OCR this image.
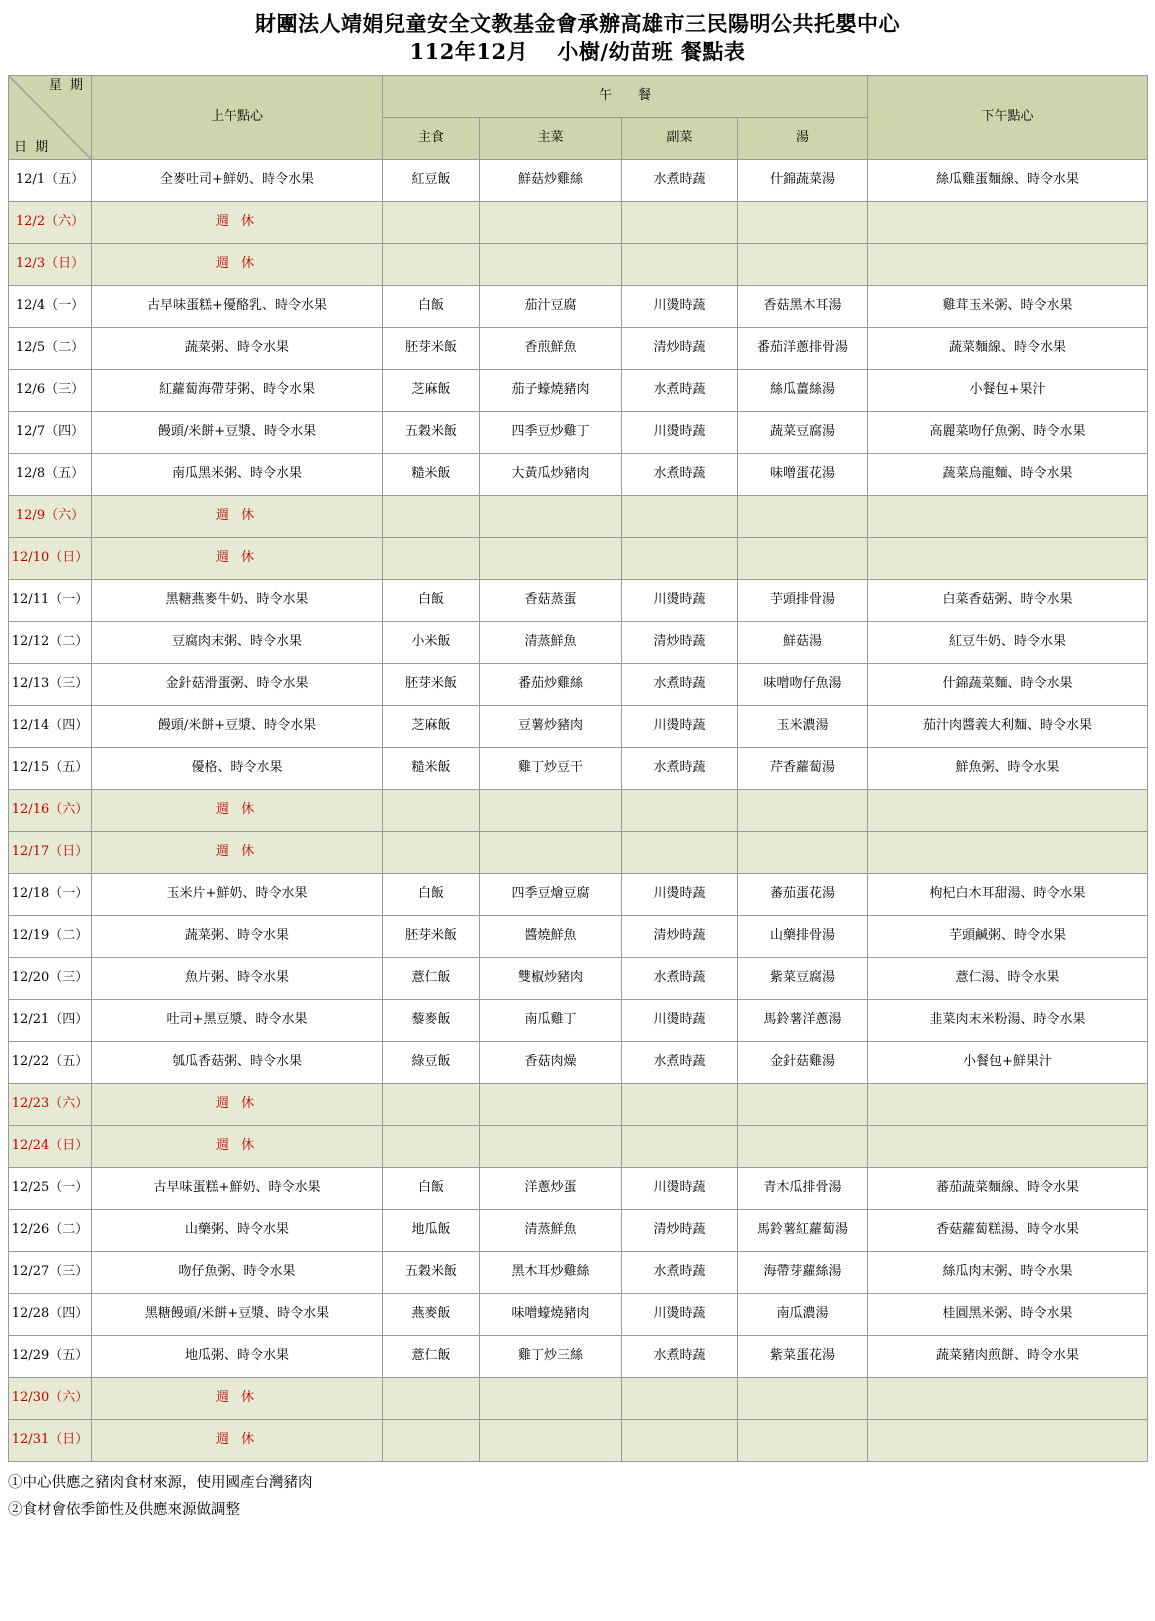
財團法人靖娟兒童安全文教基金會承辦高雄市三民陽明公共托嬰中心
112年12月　 小樹/幼苗班 餐點表
星 期
日 期	上午點心	午　　餐				下午點心
		主食	主菜	副菜	湯	
12/1（五）	全麥吐司+鮮奶、時令水果	紅豆飯	鮮菇炒雞絲	水煮時蔬	什錦蔬菜湯	絲瓜雞蛋麵線、時令水果
12/2（六）	週 休					
12/3（日）	週 休					
12/4（一）	古早味蛋糕+優酪乳、時令水果	白飯	茄汁豆腐	川燙時蔬	香菇黑木耳湯	雞茸玉米粥、時令水果
12/5（二）	蔬菜粥、時令水果	胚芽米飯	香煎鮮魚	清炒時蔬	番茄洋蔥排骨湯	蔬菜麵線、時令水果
12/6（三）	紅蘿蔔海帶芽粥、時令水果	芝麻飯	茄子蠔燒豬肉	水煮時蔬	絲瓜薑絲湯	小餐包+果汁
12/7（四）	饅頭/米餅+豆漿、時令水果	五穀米飯	四季豆炒雞丁	川燙時蔬	蔬菜豆腐湯	高麗菜吻仔魚粥、時令水果
12/8（五）	南瓜黑米粥、時令水果	糙米飯	大黃瓜炒豬肉	水煮時蔬	味噌蛋花湯	蔬菜烏龍麵、時令水果
12/9（六）	週 休					
12/10（日）	週 休					
12/11（一）	黑糖燕麥牛奶、時令水果	白飯	香菇蒸蛋	川燙時蔬	芋頭排骨湯	白菜香菇粥、時令水果
12/12（二）	豆腐肉末粥、時令水果	小米飯	清蒸鮮魚	清炒時蔬	鮮菇湯	紅豆牛奶、時令水果
12/13（三）	金針菇滑蛋粥、時令水果	胚芽米飯	番茄炒雞絲	水煮時蔬	味噌吻仔魚湯	什錦蔬菜麵、時令水果
12/14（四）	饅頭/米餅+豆漿、時令水果	芝麻飯	豆薯炒豬肉	川燙時蔬	玉米濃湯	茄汁肉醬義大利麵、時令水果
12/15（五）	優格、時令水果	糙米飯	雞丁炒豆干	水煮時蔬	芹香蘿蔔湯	鮮魚粥、時令水果
12/16（六）	週 休					
12/17（日）	週 休					
12/18（一）	玉米片+鮮奶、時令水果	白飯	四季豆燴豆腐	川燙時蔬	蕃茄蛋花湯	枸杞白木耳甜湯、時令水果
12/19（二）	蔬菜粥、時令水果	胚芽米飯	醬燒鮮魚	清炒時蔬	山藥排骨湯	芋頭鹹粥、時令水果
12/20（三）	魚片粥、時令水果	薏仁飯	雙椒炒豬肉	水煮時蔬	紫菜豆腐湯	薏仁湯、時令水果
12/21（四）	吐司+黑豆漿、時令水果	藜麥飯	南瓜雞丁	川燙時蔬	馬鈴薯洋蔥湯	韭菜肉末米粉湯、時令水果
12/22（五）	瓠瓜香菇粥、時令水果	綠豆飯	香菇肉燥	水煮時蔬	金針菇雞湯	小餐包+鮮果汁
12/23（六）	週 休					
12/24（日）	週 休					
12/25（一）	古早味蛋糕+鮮奶、時令水果	白飯	洋蔥炒蛋	川燙時蔬	青木瓜排骨湯	蕃茄蔬菜麵線、時令水果
12/26（二）	山藥粥、時令水果	地瓜飯	清蒸鮮魚	清炒時蔬	馬鈴薯紅蘿蔔湯	香菇蘿蔔糕湯、時令水果
12/27（三）	吻仔魚粥、時令水果	五穀米飯	黑木耳炒雞絲	水煮時蔬	海帶芽蘿絲湯	絲瓜肉末粥、時令水果
12/28（四）	黑糖饅頭/米餅+豆漿、時令水果	燕麥飯	味噌蠔燒豬肉	川燙時蔬	南瓜濃湯	桂圓黑米粥、時令水果
12/29（五）	地瓜粥、時令水果	薏仁飯	雞丁炒三絲	水煮時蔬	紫菜蛋花湯	蔬菜豬肉煎餅、時令水果
12/30（六）	週 休					
12/31（日）	週 休					
①中心供應之豬肉食材來源，使用國產台灣豬肉
②食材會依季節性及供應來源做調整
